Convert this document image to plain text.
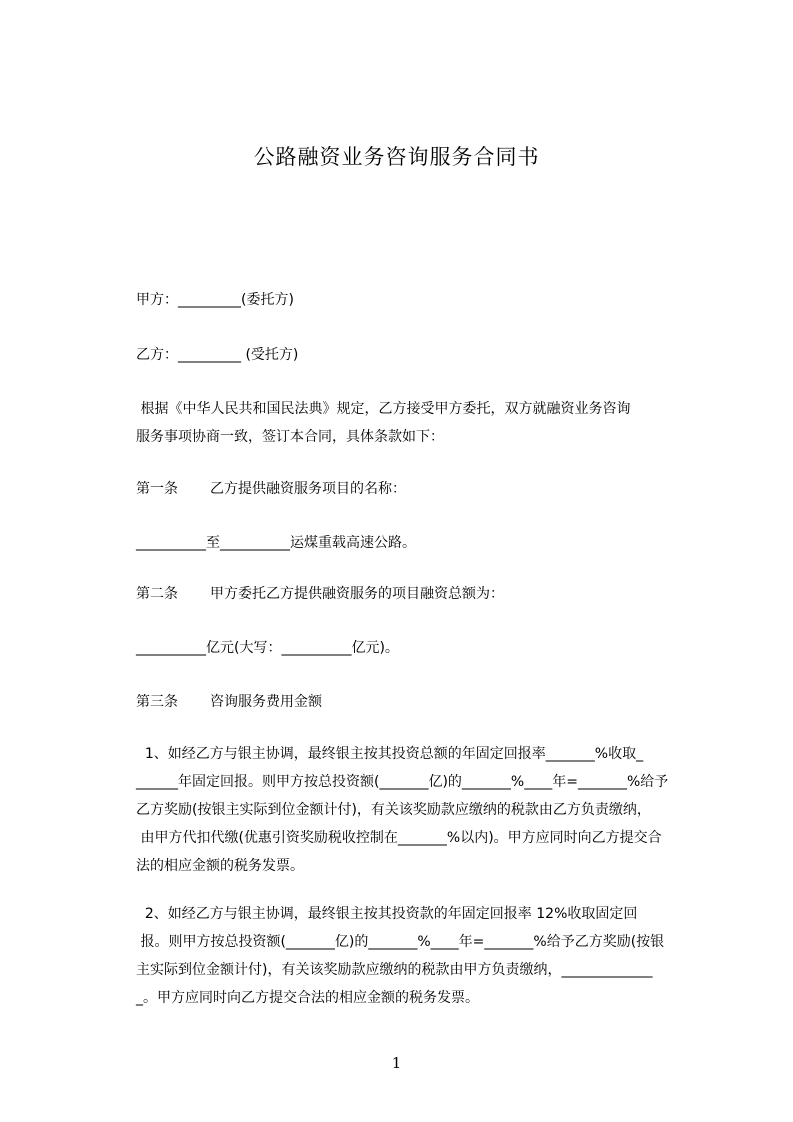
公路融资业务咨询服务合同书
甲方：_________(委托方)
乙方：_________ (受托方)
根据《中华人民共和国民法典》规定，乙方接受甲方委托，双方就融资业务咨询
服务事项协商一致，签订本合同，具体条款如下：
第一条 乙方提供融资服务项目的名称：
__________至__________运煤重载高速公路。
第二条 甲方委托乙方提供融资服务的项目融资总额为：
__________亿元(大写：__________亿元)。
第三条 咨询服务费用金额
1、如经乙方与银主协调，最终银主按其投资总额的年固定回报率_______%收取_
______年固定回报。则甲方按总投资额(_______亿)的_______%____年=_______%给予
乙方奖励(按银主实际到位金额计付)，有关该奖励款应缴纳的税款由乙方负责缴纳，
由甲方代扣代缴(优惠引资奖励税收控制在_______%以内)。甲方应同时向乙方提交合
法的相应金额的税务发票。
2、如经乙方与银主协调，最终银主按其投资款的年固定回报率 12%收取固定回
报。则甲方按总投资额(_______亿)的_______%____年=_______%给予乙方奖励(按银
主实际到位金额计付)，有关该奖励款应缴纳的税款由甲方负责缴纳，_____________
_。甲方应同时向乙方提交合法的相应金额的税务发票。
1
